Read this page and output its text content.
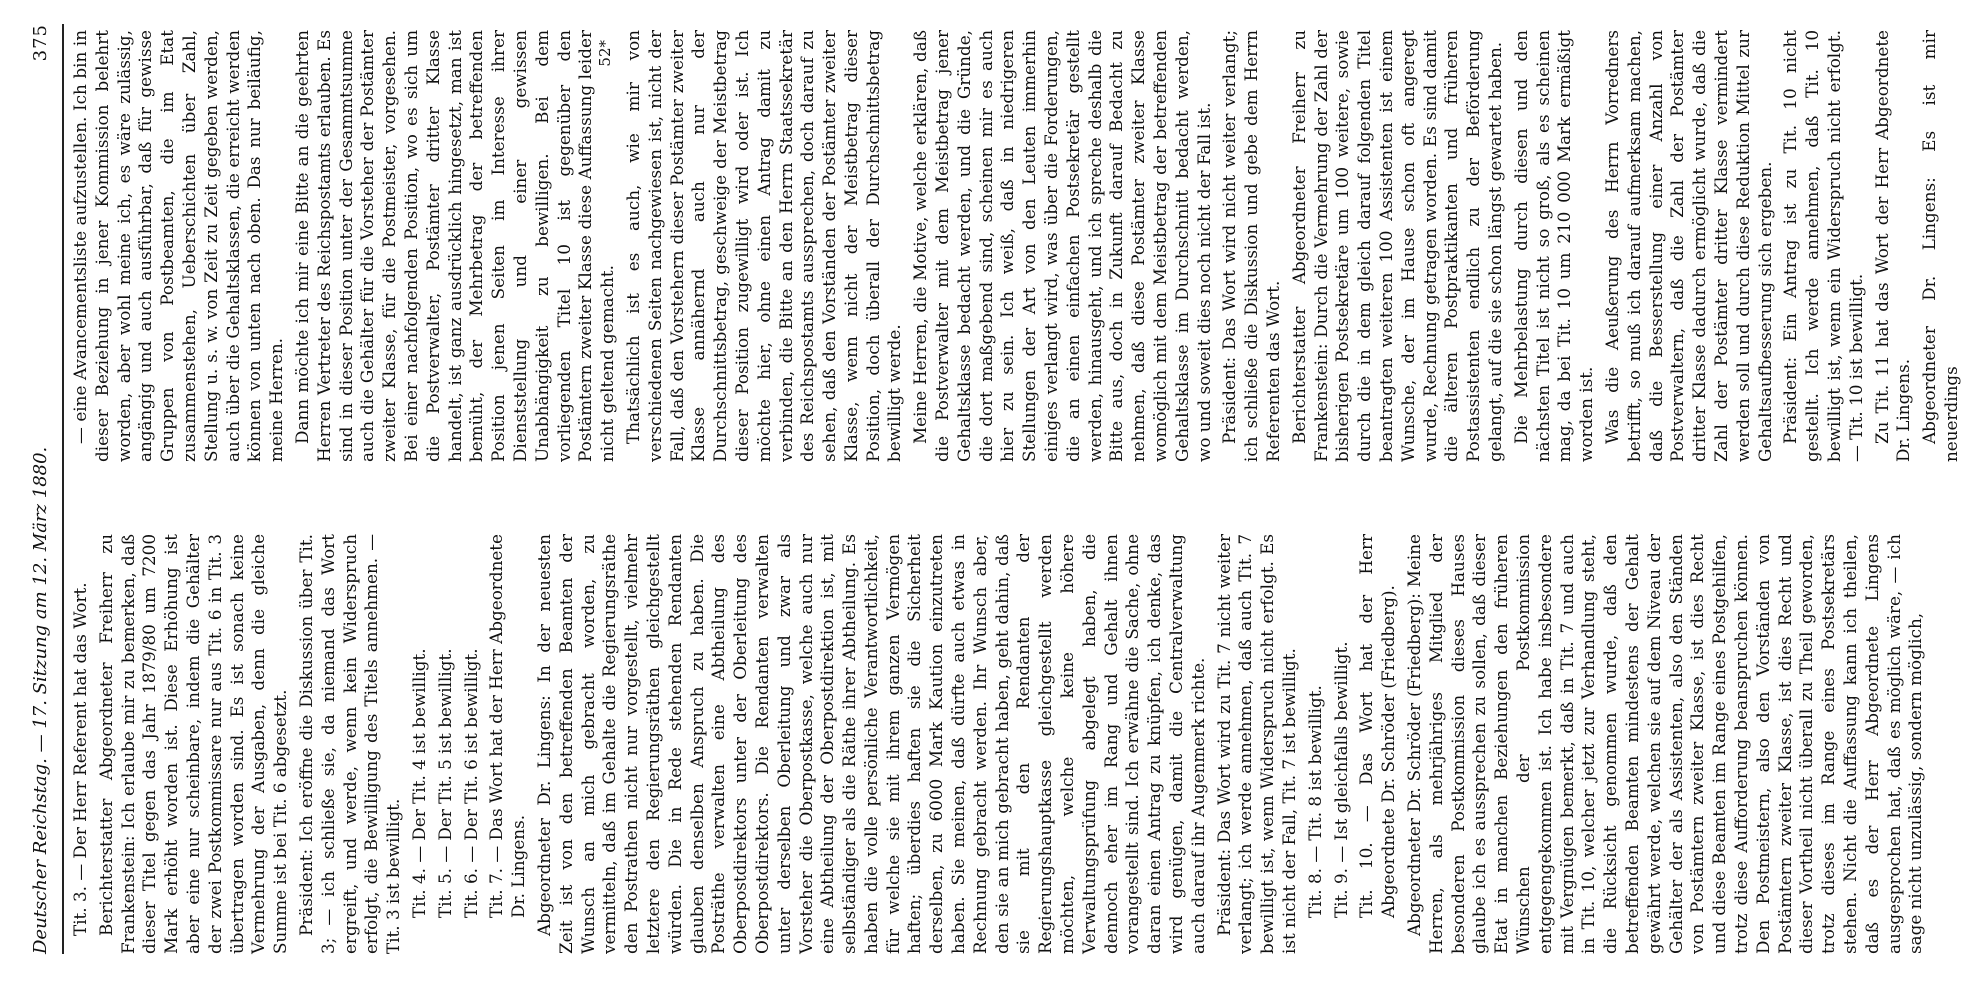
Deutscher Reichstag. — 17. Sitzung am 12. März 1880.
375

Tit. 3. — Der Herr Referent hat das Wort. Berichterstatter Abgeordneter Freiherr zu Frankenstein: Ich erlaube mir zu bemerken, daß dieser Titel gegen das Jahr 1879/80 um 7200 Mark erhöht worden ist. Diese Erhöhung ist aber eine nur scheinbare, indem die Gehälter der zwei Postkommissare nur aus Tit. 6 in Tit. 3 übertragen worden sind. Es ist sonach keine Vermehrung der Ausgaben, denn die gleiche Summe ist bei Tit. 6 abgesetzt. Präsident: Ich eröffne die Diskussion über Tit. 3; — ich schließe sie, da niemand das Wort ergreift, und werde, wenn kein Widerspruch erfolgt, die Bewilligung des Titels annehmen. — Tit. 3 ist bewilligt. Tit. 4. — Der Tit. 4 ist bewilligt. Tit. 5. — Der Tit. 5 ist bewilligt. Tit. 6. — Der Tit. 6 ist bewilligt. Tit. 7. — Das Wort hat der Herr Abgeordnete Dr. Lingens. Abgeordneter Dr. Lingens: In der neuesten Zeit ist von den betreffenden Beamten der Wunsch an mich gebracht worden, zu vermitteln, daß im Gehalte die Regierungsräthe den Postrathen nicht nur vorgestellt, vielmehr letztere den Regierungsräthen gleichgestellt würden. Die in Rede stehenden Rendanten glauben denselben Anspruch zu haben. Die Posträthe verwalten eine Abtheilung des Oberpostdirektors unter der Oberleitung des Oberpostdirektors. Die Rendanten verwalten unter derselben Oberleitung und zwar als Vorsteher die Oberpostkasse, welche auch nur eine Abtheilung der Oberpostdirektion ist, mit selbständiger als die Räthe ihrer Abtheilung. Es haben die volle persönliche Verantwortlichkeit, für welche sie mit ihrem ganzen Vermögen haften; überdies haften sie die Sicherheit derselben, zu 6000 Mark Kaution einzutreten haben. Sie meinen, daß dürfte auch etwas in Rechnung gebracht werden. Ihr Wunsch aber, den sie an mich gebracht haben, geht dahin, daß sie mit den Rendanten der Regierungshauptkasse gleichgestellt werden möchten, welche keine höhere Verwaltungsprüfung abgelegt haben, die dennoch eher im Rang und Gehalt ihnen vorangestellt sind. Ich erwähne die Sache, ohne daran einen Antrag zu knüpfen, ich denke, das wird genügen, damit die Centralverwaltung auch darauf ihr Augenmerk richte. Präsident: Das Wort wird zu Tit. 7 nicht weiter verlangt; ich werde annehmen, daß auch Tit. 7 bewilligt ist, wenn Widerspruch nicht erfolgt. Es ist nicht der Fall, Tit. 7 ist bewilligt. Tit. 8. — Tit. 8 ist bewilligt. Tit. 9. — Ist gleichfalls bewilligt. Tit. 10. — Das Wort hat der Herr Abgeordnete Dr. Schröder (Friedberg). Abgeordneter Dr. Schröder (Friedberg): Meine Herren, als mehrjähriges Mitglied der besonderen Postkommission dieses Hauses glaube ich es aussprechen zu sollen, daß dieser Etat in manchen Beziehungen den früheren Wünschen der Postkommission entgegengekommen ist. Ich habe insbesondere mit Vergnügen bemerkt, daß in Tit. 7 und auch in Tit. 10, welcher jetzt zur Verhandlung steht, die Rücksicht genommen wurde, daß den betreffenden Beamten mindestens der Gehalt gewährt werde, welchen sie auf dem Niveau der Gehälter der als Assistenten, also den Ständen von Postämtern zweiter Klasse, ist dies Recht und diese Beamten im Range eines Postgehilfen, trotz diese Aufforderung beanspruchen können. Den Postmeistern, also den Vorständen von Postämtern zweiter Klasse, ist dies Recht und dieser Vortheil nicht überall zu Theil geworden, trotz dieses im Range eines Postsekretärs stehen. Nicht die Auffassung kann ich theilen, daß es der Herr Abgeordnete Lingens ausgesprochen hat, daß es möglich wäre, — ich sage nicht unzulässig, sondern möglich,

— eine Avancementsliste aufzustellen. Ich bin in dieser Beziehung in jener Kommission belehrt worden, aber wohl meine ich, es wäre zulässig, angängig und auch ausführbar, daß für gewisse Gruppen von Postbeamten, die im Etat zusammenstehen, Ueberschichten über Zahl, Stellung u. s. w. von Zeit zu Zeit gegeben werden, auch über die Gehaltsklassen, die erreicht werden können von unten nach oben. Das nur beiläufig, meine Herren. Dann möchte ich mir eine Bitte an die geehrten Herren Vertreter des Reichspostamts erlauben. Es sind in dieser Position unter der Gesammtsumme auch die Gehälter für die Vorsteher der Postämter zweiter Klasse, für die Postmeister, vorgesehen. Bei einer nachfolgenden Position, wo es sich um die Postverwalter, Postämter dritter Klasse handelt, ist ganz ausdrücklich hingesetzt, man ist bemüht, der Mehrbetrag der betreffenden Position jenen Seiten im Interesse ihrer Dienststellung und einer gewissen Unabhängigkeit zu bewilligen. Bei dem vorliegenden Titel 10 ist gegenüber den Postämtern zweiter Klasse diese Auffassung leider nicht geltend gemacht. Thatsächlich ist es auch, wie mir von verschiedenen Seiten nachgewiesen ist, nicht der Fall, daß den Vorstehern dieser Postämter zweiter Klasse annähernd auch nur der Durchschnittsbetrag, geschweige der Meistbetrag dieser Position zugewilligt wird oder ist. Ich möchte hier, ohne einen Antrag damit zu verbinden, die Bitte an den Herrn Staatssekretär des Reichspostamts aussprechen, doch darauf zu sehen, daß den Vorständen der Postämter zweiter Klasse, wenn nicht der Meistbetrag dieser Position, doch überall der Durchschnittsbetrag bewilligt werde. Meine Herren, die Motive, welche erklären, daß die Postverwalter mit dem Meistbetrag jener Gehaltsklasse bedacht werden, und die Gründe, die dort maßgebend sind, scheinen mir es auch hier zu sein. Ich weiß, daß in niedrigeren Stellungen der Art von den Leuten immerhin einiges verlangt wird, was über die Forderungen, die an einen einfachen Postsekretär gestellt werden, hinausgeht, und ich spreche deshalb die Bitte aus, doch in Zukunft darauf Bedacht zu nehmen, daß diese Postämter zweiter Klasse womöglich mit dem Meistbetrag der betreffenden Gehaltsklasse im Durchschnitt bedacht werden, wo und soweit dies noch nicht der Fall ist. Präsident: Das Wort wird nicht weiter verlangt; ich schließe die Diskussion und gebe dem Herrn Referenten das Wort. Berichterstatter Abgeordneter Freiherr zu Frankenstein: Durch die Vermehrung der Zahl der bisherigen Postsekretäre um 100 weitere, sowie durch die in dem gleich darauf folgenden Titel beantragten weiteren 100 Assistenten ist einem Wunsche, der im Hause schon oft angeregt wurde, Rechnung getragen worden. Es sind damit die älteren Postpraktikanten und früheren Postassistenten endlich zu der Beförderung gelangt, auf die sie schon längst gewartet haben. Die Mehrbelastung durch diesen und den nächsten Titel ist nicht so groß, als es scheinen mag, da bei Tit. 10 um 210 000 Mark ermäßigt worden ist. Was die Aeußerung des Herrn Vorredners betrifft, so muß ich darauf aufmerksam machen, daß die Besserstellung einer Anzahl von Postverwaltern, daß die Zahl der Postämter dritter Klasse dadurch ermöglicht wurde, daß die Zahl der Postämter dritter Klasse vermindert werden soll und durch diese Reduktion Mittel zur Gehaltsaufbesserung sich ergeben. Präsident: Ein Antrag ist zu Tit. 10 nicht gestellt. Ich werde annehmen, daß Tit. 10 bewilligt ist, wenn ein Widerspruch nicht erfolgt. — Tit. 10 ist bewilligt. Zu Tit. 11 hat das Wort der Herr Abgeordnete Dr. Lingens. Abgeordneter Dr. Lingens: Es ist mir neuerdings

52*
